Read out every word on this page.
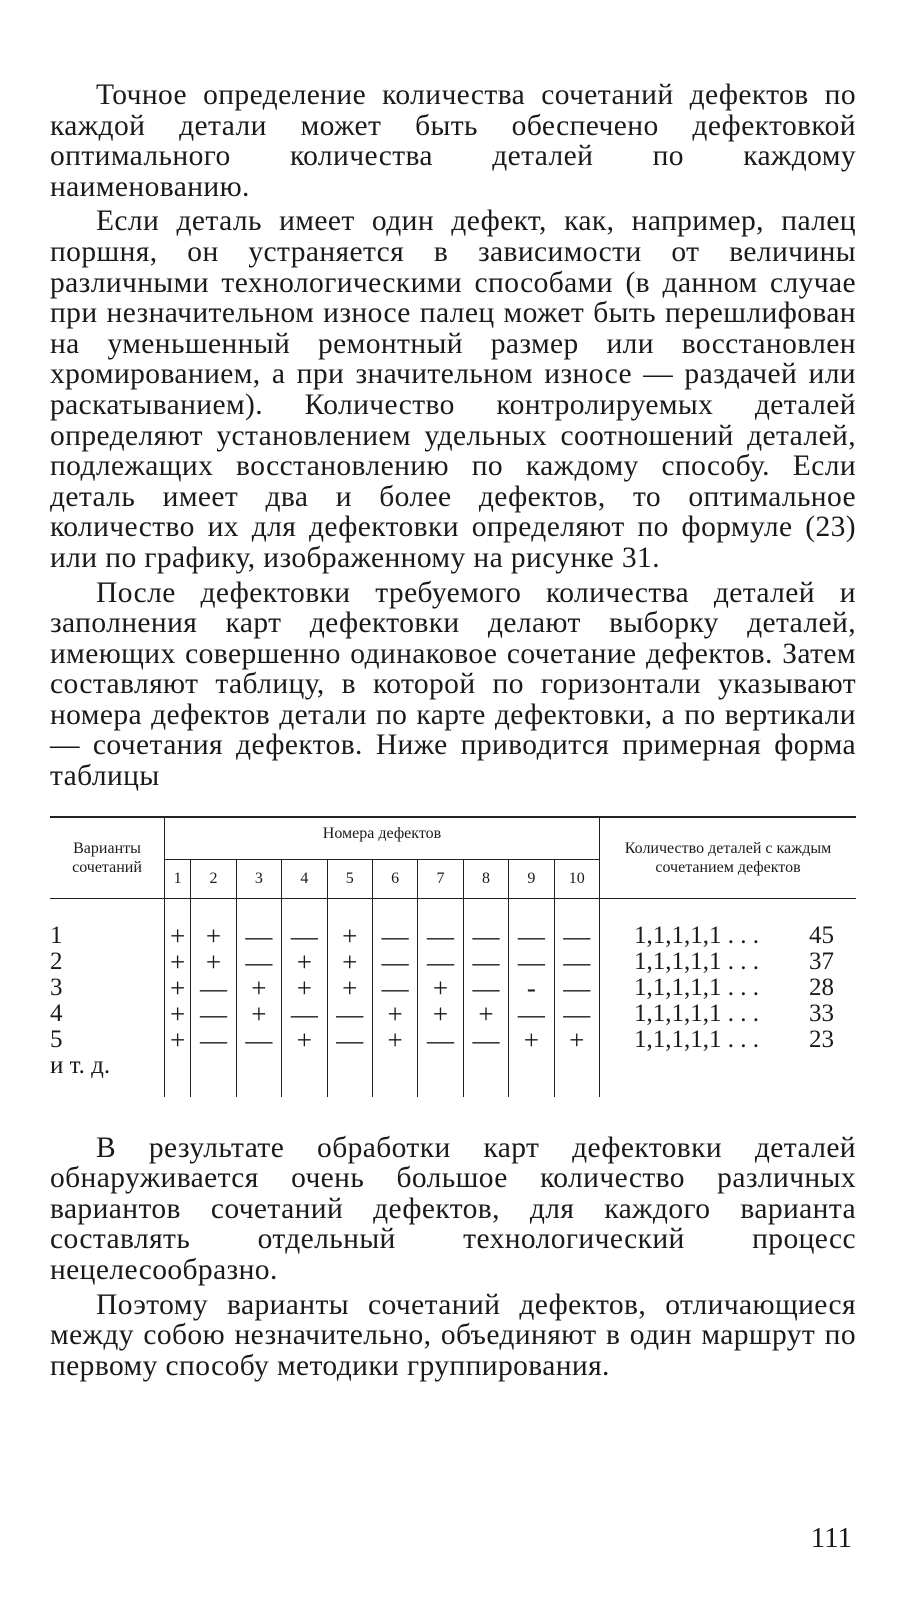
Точное определение количества сочетаний дефектов по каждой детали может быть обеспечено дефектовкой оптимального количества деталей по каждому наименованию.

Если деталь имеет один дефект, как, например, палец поршня, он устраняется в зависимости от величины различными технологическими способами (в данном случае при незначительном износе палец может быть перешлифован на уменьшенный ремонтный размер или восстановлен хромированием, а при значительном износе — раздачей или раскатыванием). Количество контролируемых деталей определяют установлением удельных соотношений деталей, подлежащих восстановлению по каждому способу. Если деталь имеет два и более дефектов, то оптимальное количество их для дефектовки определяют по формуле (23) или по графику, изображенному на рисунке 31.

После дефектовки требуемого количества деталей и заполнения карт дефектовки делают выборку деталей, имеющих совершенно одинаковое сочетание дефектов. Затем составляют таблицу, в которой по горизонтали указывают номера дефектов детали по карте дефектовки, а по вертикали — сочетания дефектов. Ниже приводится примерная форма таблицы

Варианты сочетаний	Номера дефектов										Количество деталей с каждым сочетанием дефектов
	1	2	3	4	5	6	7	8	9	10	

1	+	+	—	—	+	—	—	—	—	—	1,1,1,1,1 . . . 45

2	+	+	—	+	+	—	—	—	—	—	1,1,1,1,1 . . . 37

3	+	—	+	+	+	—	+	—	-	—	1,1,1,1,1 . . . 28

4	+	—	+	—	—	+	+	+	—	—	1,1,1,1,1 . . . 33

5	+	—	—	+	—	+	—	—	+	+	1,1,1,1,1 . . . 23

и т. д.											

В результате обработки карт дефектовки деталей обнаруживается очень большое количество различных вариантов сочетаний дефектов, для каждого варианта составлять отдельный технологический процесс нецелесообразно.

Поэтому варианты сочетаний дефектов, отличающиеся между собою незначительно, объединяют в один маршрут по первому способу методики группирования.

111
